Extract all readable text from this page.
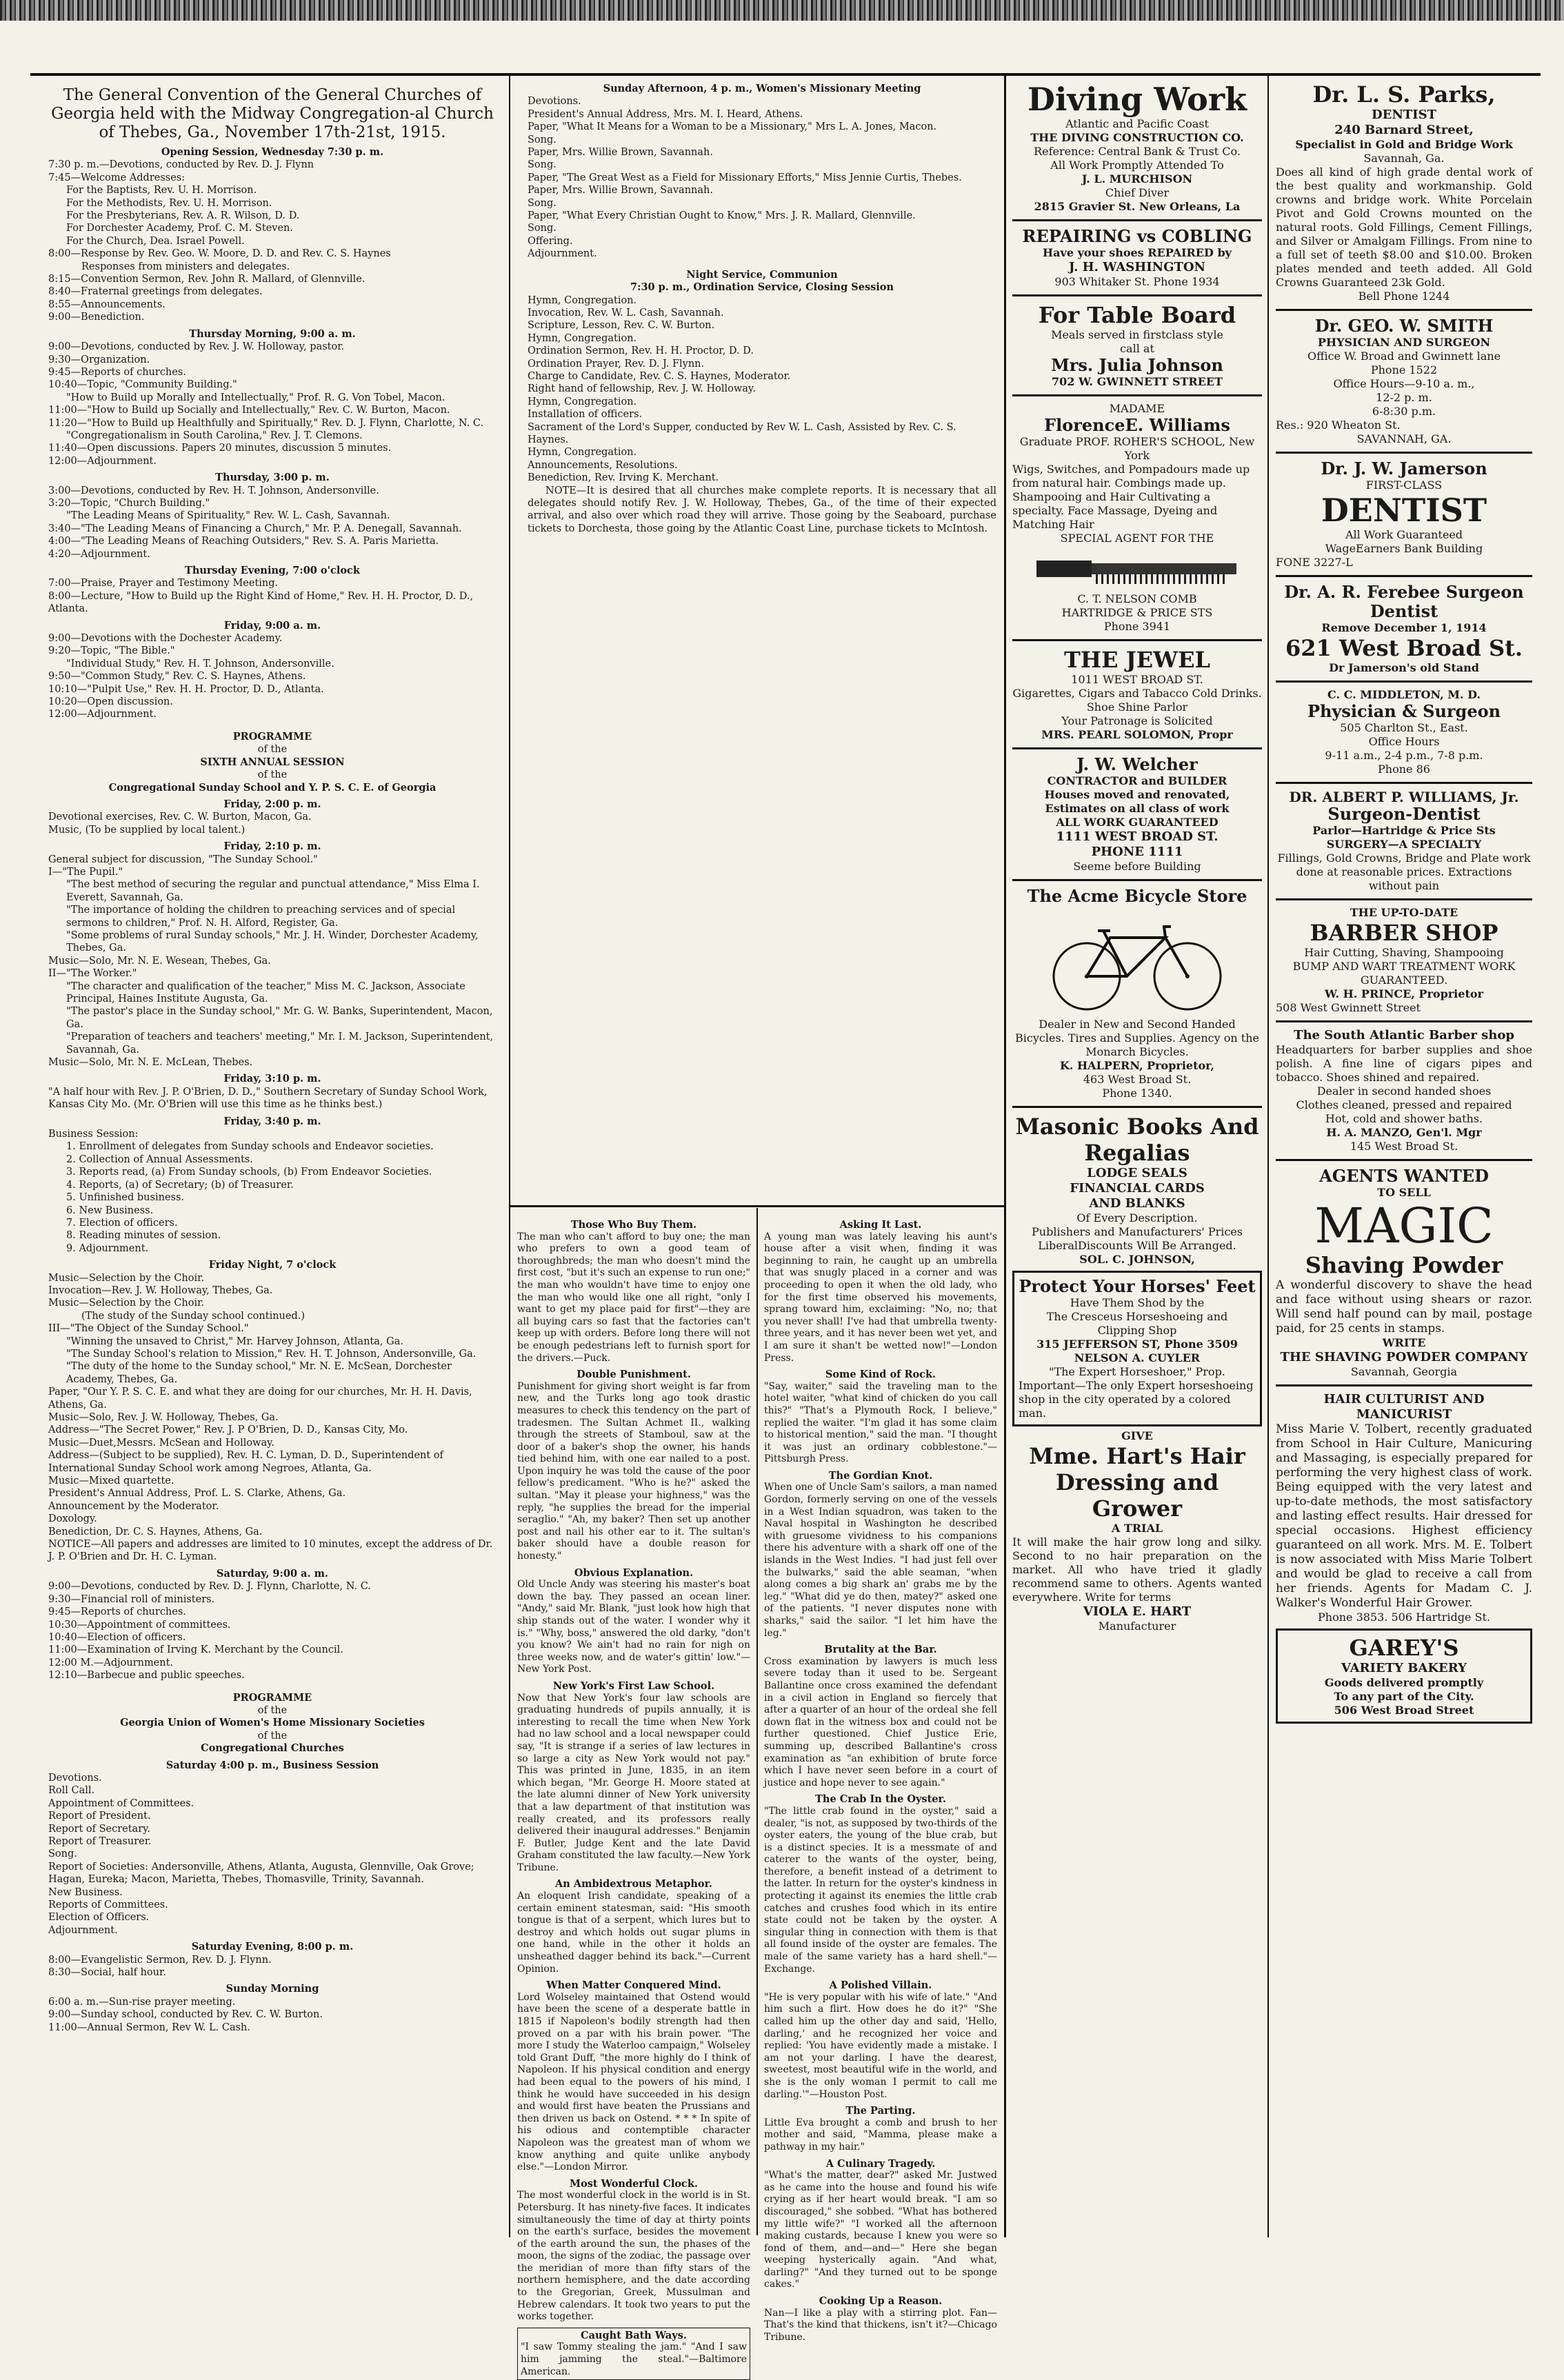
The General Convention of the General Churches of Georgia held with the Midway Congregation-al Church of Thebes, Ga., November 17th-21st, 1915.
Opening Session, Wednesday 7:30 p. m.

7:30 p. m.—Devotions, conducted by Rev. D. J. Flynn

7:45—Welcome Addresses:

For the Baptists, Rev. U. H. Morrison.

For the Methodists, Rev. U. H. Morrison.

For the Presbyterians, Rev. A. R. Wilson, D. D.

For Dorchester Academy, Prof. C. M. Steven.

For the Church, Dea. Israel Powell.

8:00—Response by Rev. Geo. W. Moore, D. D. and Rev. C. S. Haynes

Responses from ministers and delegates.

8:15—Convention Sermon, Rev. John R. Mallard, of Glennville.

8:40—Fraternal greetings from delegates.

8:55—Announcements.

9:00—Benediction.

Thursday Morning, 9:00 a. m.

9:00—Devotions, conducted by Rev. J. W. Holloway, pastor.

9:30—Organization.

9:45—Reports of churches.

10:40—Topic, "Community Building."

"How to Build up Morally and Intellectually," Prof. R. G. Von Tobel, Macon.

11:00—"How to Build up Socially and Intellectually," Rev. C. W. Burton, Macon.

11:20—"How to Build up Healthfully and Spiritually," Rev. D. J. Flynn, Charlotte, N. C.

"Congregationalism in South Carolina," Rev. J. T. Clemons.

11:40—Open discussions. Papers 20 minutes, discussion 5 minutes.

12:00—Adjournment.

Thursday, 3:00 p. m.

3:00—Devotions, conducted by Rev. H. T. Johnson, Andersonville.

3:20—Topic, "Church Building."

"The Leading Means of Spirituality," Rev. W. L. Cash, Savannah.

3:40—"The Leading Means of Financing a Church," Mr. P. A. Denegall, Savannah.

4:00—"The Leading Means of Reaching Outsiders," Rev. S. A. Paris Marietta.

4:20—Adjournment.

Thursday Evening, 7:00 o'clock

7:00—Praise, Prayer and Testimony Meeting.

8:00—Lecture, "How to Build up the Right Kind of Home," Rev. H. H. Proctor, D. D., Atlanta.

Friday, 9:00 a. m.

9:00—Devotions with the Dochester Academy.

9:20—Topic, "The Bible."

"Individual Study," Rev. H. T. Johnson, Andersonville.

9:50—"Common Study," Rev. C. S. Haynes, Athens.

10:10—"Pulpit Use," Rev. H. H. Proctor, D. D., Atlanta.

10:20—Open discussion.

12:00—Adjournment.

PROGRAMME
of the
SIXTH ANNUAL SESSION
of the
Congregational Sunday School and Y. P. S. C. E. of Georgia
Friday, 2:00 p. m.

Devotional exercises, Rev. C. W. Burton, Macon, Ga.

Music, (To be supplied by local talent.)

Friday, 2:10 p. m.

General subject for discussion, "The Sunday School."

I—"The Pupil."

"The best method of securing the regular and punctual attendance," Miss Elma I. Everett, Savannah, Ga.

"The importance of holding the children to preaching services and of special sermons to children," Prof. N. H. Alford, Register, Ga.

"Some problems of rural Sunday schools," Mr. J. H. Winder, Dorchester Academy, Thebes, Ga.

Music—Solo, Mr. N. E. Wesean, Thebes, Ga.

II—"The Worker."

"The character and qualification of the teacher," Miss M. C. Jackson, Associate Principal, Haines Institute Augusta, Ga.

"The pastor's place in the Sunday school," Mr. G. W. Banks, Superintendent, Macon, Ga.

"Preparation of teachers and teachers' meeting," Mr. I. M. Jackson, Superintendent, Savannah, Ga.

Music—Solo, Mr. N. E. McLean, Thebes.

Friday, 3:10 p. m.

"A half hour with Rev. J. P. O'Brien, D. D.," Southern Secretary of Sunday School Work, Kansas City Mo. (Mr. O'Brien will use this time as he thinks best.)

Friday, 3:40 p. m.

Business Session:

1. Enrollment of delegates from Sunday schools and Endeavor societies.

2. Collection of Annual Assessments.

3. Reports read, (a) From Sunday schools, (b) From Endeavor Societies.

4. Reports, (a) of Secretary; (b) of Treasurer.

5. Unfinished business.

6. New Business.

7. Election of officers.

8. Reading minutes of session.

9. Adjournment.

Friday Night, 7 o'clock

Music—Selection by the Choir.

Invocation—Rev. J. W. Holloway, Thebes, Ga.

Music—Selection by the Choir.

(The study of the Sunday school continued.)

III—"The Object of the Sunday School."

"Winning the unsaved to Christ," Mr. Harvey Johnson, Atlanta, Ga.

"The Sunday School's relation to Mission," Rev. H. T. Johnson, Andersonville, Ga.

"The duty of the home to the Sunday school," Mr. N. E. McSean, Dorchester Academy, Thebes, Ga.

Paper, "Our Y. P. S. C. E. and what they are doing for our churches, Mr. H. H. Davis, Athens, Ga.

Music—Solo, Rev. J. W. Holloway, Thebes, Ga.

Address—"The Secret Power," Rev. J. P O'Brien, D. D., Kansas City, Mo.

Music—Duet,Messrs. McSean and Holloway.

Address—(Subject to be supplied), Rev. H. C. Lyman, D. D., Superintendent of International Sunday School work among Negroes, Atlanta, Ga.

Music—Mixed quartette.

President's Annual Address, Prof. L. S. Clarke, Athens, Ga.

Announcement by the Moderator.

Doxology.

Benediction, Dr. C. S. Haynes, Athens, Ga.

NOTICE—All papers and addresses are limited to 10 minutes, except the address of Dr. J. P. O'Brien and Dr. H. C. Lyman.

Saturday, 9:00 a. m.

9:00—Devotions, conducted by Rev. D. J. Flynn, Charlotte, N. C.

9:30—Financial roll of ministers.

9:45—Reports of churches.

10:30—Appointment of committees.

10:40—Election of officers.

11:00—Examination of Irving K. Merchant by the Council.

12:00 M.—Adjournment.

12:10—Barbecue and public speeches.

PROGRAMME
of the
Georgia Union of Women's Home Missionary Societies
of the
Congregational Churches
Saturday 4:00 p. m., Business Session

Devotions.

Roll Call.

Appointment of Committees.

Report of President.

Report of Secretary.

Report of Treasurer.

Song.

Report of Societies: Andersonville, Athens, Atlanta, Augusta, Glennville, Oak Grove; Hagan, Eureka; Macon, Marietta, Thebes, Thomasville, Trinity, Savannah.

New Business.

Reports of Committees.

Election of Officers.

Adjournment.

Saturday Evening, 8:00 p. m.

8:00—Evangelistic Sermon, Rev. D. J. Flynn.

8:30—Social, half hour.

Sunday Morning

6:00 a. m.—Sun-rise prayer meeting.

9:00—Sunday school, conducted by Rev. C. W. Burton.

11:00—Annual Sermon, Rev W. L. Cash.

Sunday Afternoon, 4 p. m., Women's Missionary Meeting

Devotions.

President's Annual Address, Mrs. M. I. Heard, Athens.

Paper, "What It Means for a Woman to be a Missionary," Mrs L. A. Jones, Macon.

Song.

Paper, Mrs. Willie Brown, Savannah.

Song.

Paper, "The Great West as a Field for Missionary Efforts," Miss Jennie Curtis, Thebes.

Paper, Mrs. Willie Brown, Savannah.

Song.

Paper, "What Every Christian Ought to Know," Mrs. J. R. Mallard, Glennville.

Song.

Offering.

Adjournment.

Night Service, Communion
7:30 p. m., Ordination Service, Closing Session

Hymn, Congregation.

Invocation, Rev. W. L. Cash, Savannah.

Scripture, Lesson, Rev. C. W. Burton.

Hymn, Congregation.

Ordination Sermon, Rev. H. H. Proctor, D. D.

Ordination Prayer, Rev. D. J. Flynn.

Charge to Candidate, Rev. C. S. Haynes, Moderator.

Right hand of fellowship, Rev. J. W. Holloway.

Hymn, Congregation.

Installation of officers.

Sacrament of the Lord's Supper, conducted by Rev W. L. Cash, Assisted by Rev. C. S. Haynes.

Hymn, Congregation.

Announcements, Resolutions.

Benediction, Rev. Irving K. Merchant.

NOTE—It is desired that all churches make complete reports. It is necessary that all delegates should notify Rev. J. W. Holloway, Thebes, Ga., of the time of their expected arrival, and also over which road they will arrive. Those going by the Seaboard, purchase tickets to Dorchesta, those going by the Atlantic Coast Line, purchase tickets to McIntosh.

Those Who Buy Them.

The man who can't afford to buy one; the man who prefers to own a good team of thoroughbreds; the man who doesn't mind the first cost, "but it's such an expense to run one;" the man who wouldn't have time to enjoy one the man who would like one all right, "only I want to get my place paid for first"—they are all buying cars so fast that the factories can't keep up with orders. Before long there will not be enough pedestrians left to furnish sport for the drivers.—Puck.

Double Punishment.

Punishment for giving short weight is far from new, and the Turks long ago took drastic measures to check this tendency on the part of tradesmen. The Sultan Achmet II., walking through the streets of Stamboul, saw at the door of a baker's shop the owner, his hands tied behind him, with one ear nailed to a post. Upon inquiry he was told the cause of the poor fellow's predicament. "Who is he?" asked the sultan. "May it please your highness," was the reply, "he supplies the bread for the imperial seraglio." "Ah, my baker? Then set up another post and nail his other ear to it. The sultan's baker should have a double reason for honesty."

Obvious Explanation.

Old Uncle Andy was steering his master's boat down the bay. They passed an ocean liner. "Andy," said Mr. Blank, "just look how high that ship stands out of the water. I wonder why it is." "Why, boss," answered the old darky, "don't you know? We ain't had no rain for nigh on three weeks now, and de water's gittin' low."—New York Post.

New York's First Law School.

Now that New York's four law schools are graduating hundreds of pupils annually, it is interesting to recall the time when New York had no law school and a local newspaper could say, "It is strange if a series of law lectures in so large a city as New York would not pay." This was printed in June, 1835, in an item which began, "Mr. George H. Moore stated at the late alumni dinner of New York university that a law department of that institution was really created, and its professors really delivered their inaugural addresses." Benjamin F. Butler, Judge Kent and the late David Graham constituted the law faculty.—New York Tribune.

An Ambidextrous Metaphor.

An eloquent Irish candidate, speaking of a certain eminent statesman, said: "His smooth tongue is that of a serpent, which lures but to destroy and which holds out sugar plums in one hand, while in the other it holds an unsheathed dagger behind its back."—Current Opinion.

When Matter Conquered Mind.

Lord Wolseley maintained that Ostend would have been the scene of a desperate battle in 1815 if Napoleon's bodily strength had then proved on a par with his brain power. "The more I study the Waterloo campaign," Wolseley told Grant Duff, "the more highly do I think of Napoleon. If his physical condition and energy had been equal to the powers of his mind, I think he would have succeeded in his design and would first have beaten the Prussians and then driven us back on Ostend. * * * In spite of his odious and contemptible character Napoleon was the greatest man of whom we know anything and quite unlike anybody else."—London Mirror.

Most Wonderful Clock.

The most wonderful clock in the world is in St. Petersburg. It has ninety-five faces. It indicates simultaneously the time of day at thirty points on the earth's surface, besides the movement of the earth around the sun, the phases of the moon, the signs of the zodiac, the passage over the meridian of more than fifty stars of the northern hemisphere, and the date according to the Gregorian, Greek, Mussulman and Hebrew calendars. It took two years to put the works together.

Caught Bath Ways.

"I saw Tommy stealing the jam." "And I saw him jamming the steal."—Baltimore American.

Asking It Last.

A young man was lately leaving his aunt's house after a visit when, finding it was beginning to rain, he caught up an umbrella that was snugly placed in a corner and was proceeding to open it when the old lady, who for the first time observed his movements, sprang toward him, exclaiming: "No, no; that you never shall! I've had that umbrella twenty-three years, and it has never been wet yet, and I am sure it shan't be wetted now!"—London Press.

Some Kind of Rock.

"Say, waiter," said the traveling man to the hotel waiter, "what kind of chicken do you call this?" "That's a Plymouth Rock, I believe," replied the waiter. "I'm glad it has some claim to historical mention," said the man. "I thought it was just an ordinary cobblestone."—Pittsburgh Press.

The Gordian Knot.

When one of Uncle Sam's sailors, a man named Gordon, formerly serving on one of the vessels in a West Indian squadron, was taken to the Naval hospital in Washington he described with gruesome vividness to his companions there his adventure with a shark off one of the islands in the West Indies. "I had just fell over the bulwarks," said the able seaman, "when along comes a big shark an' grabs me by the leg." "What did ye do then, matey?" asked one of the patients. "I never disputes none with sharks," said the sailor. "I let him have the leg."

Brutality at the Bar.

Cross examination by lawyers is much less severe today than it used to be. Sergeant Ballantine once cross examined the defendant in a civil action in England so fiercely that after a quarter of an hour of the ordeal she fell down flat in the witness box and could not be further questioned. Chief Justice Erie, summing up, described Ballantine's cross examination as "an exhibition of brute force which I have never seen before in a court of justice and hope never to see again."

The Crab In the Oyster.

"The little crab found in the oyster," said a dealer, "is not, as supposed by two-thirds of the oyster eaters, the young of the blue crab, but is a distinct species. It is a messmate of and caterer to the wants of the oyster, being, therefore, a benefit instead of a detriment to the latter. In return for the oyster's kindness in protecting it against its enemies the little crab catches and crushes food which in its entire state could not be taken by the oyster. A singular thing in connection with them is that all found inside of the oyster are females. The male of the same variety has a hard shell."—Exchange.

A Polished Villain.

"He is very popular with his wife of late." "And him such a flirt. How does he do it?" "She called him up the other day and said, 'Hello, darling,' and he recognized her voice and replied: 'You have evidently made a mistake. I am not your darling. I have the dearest, sweetest, most beautiful wife in the world, and she is the only woman I permit to call me darling.'"—Houston Post.

The Parting.

Little Eva brought a comb and brush to her mother and said, "Mamma, please make a pathway in my hair."

A Culinary Tragedy.

"What's the matter, dear?" asked Mr. Justwed as he came into the house and found his wife crying as if her heart would break. "I am so discouraged," she sobbed. "What has bothered my little wife?" "I worked all the afternoon making custards, because I knew you were so fond of them, and—and—" Here she began weeping hysterically again. "And what, darling?" "And they turned out to be sponge cakes."

Cooking Up a Reason.

Nan—I like a play with a stirring plot. Fan—That's the kind that thickens, isn't it?—Chicago Tribune.

Diving Work
Atlantic and Pacific Coast
THE DIVING CONSTRUCTION CO.
Reference: Central Bank & Trust Co.
All Work Promptly Attended To
J. L. MURCHISON
Chief Diver
2815 Gravier St. New Orleans, La
REPAIRING vs COBLING
Have your shoes REPAIRED by
J. H. WASHINGTON
903 Whitaker St. Phone 1934
For Table Board
Meals served in firstclass style
call at
Mrs. Julia Johnson
702 W. GWINNETT STREET
MADAME
FlorenceE. Williams
Graduate PROF. ROHER'S SCHOOL, New York
Wigs, Switches, and Pompadours made up from natural hair. Combings made up. Shampooing and Hair Cultivating a specialty. Face Massage, Dyeing and Matching Hair
SPECIAL AGENT FOR THE
C. T. NELSON COMB
HARTRIDGE & PRICE STS
Phone 3941
THE JEWEL
1011 WEST BROAD ST.
Gigarettes, Cigars and Tabacco Cold Drinks. Shoe Shine Parlor
Your Patronage is Solicited
MRS. PEARL SOLOMON, Propr
J. W. Welcher
CONTRACTOR and BUILDER
Houses moved and renovated,
Estimates on all class of work
ALL WORK GUARANTEED
1111 WEST BROAD ST.
PHONE 1111
Seeme before Building
The Acme Bicycle Store
Dealer in New and Second Handed Bicycles. Tires and Supplies. Agency on the Monarch Bicycles.
K. HALPERN, Proprietor,
463 West Broad St.
Phone 1340.
Masonic Books And Regalias
LODGE SEALS
FINANCIAL CARDS
AND BLANKS
Of Every Description.
Publishers and Manufacturers' Prices
LiberalDiscounts Will Be Arranged.
SOL. C. JOHNSON,
Protect Your Horses' Feet
Have Them Shod by the
The Cresceus Horseshoeing and
Clipping Shop
315 JEFFERSON ST, Phone 3509
NELSON A. CUYLER
"The Expert Horseshoer," Prop.
Important—The only Expert horseshoeing shop in the city operated by a colored man.
GIVE
Mme. Hart's Hair Dressing and Grower
A TRIAL
It will make the hair grow long and silky. Second to no hair preparation on the market. All who have tried it gladly recommend same to others. Agents wanted everywhere. Write for terms
VIOLA E. HART
Manufacturer
Dr. L. S. Parks,
DENTIST
240 Barnard Street,
Specialist in Gold and Bridge Work
Savannah, Ga.
Does all kind of high grade dental work of the best quality and workmanship. Gold crowns and bridge work. White Porcelain Pivot and Gold Crowns mounted on the natural roots. Gold Fillings, Cement Fillings, and Silver or Amalgam Fillings. From nine to a full set of teeth $8.00 and $10.00. Broken plates mended and teeth added. All Gold Crowns Guaranteed 23k Gold.
Bell Phone 1244
Dr. GEO. W. SMITH
PHYSICIAN AND SURGEON
Office W. Broad and Gwinnett lane
Phone 1522
Office Hours—9-10 a. m.,
12-2 p. m.
6-8:30 p.m.
Res.: 920 Wheaton St.
SAVANNAH, GA.
Dr. J. W. Jamerson
FIRST-CLASS
DENTIST
All Work Guaranteed
WageEarners Bank Building
FONE 3227-L
Dr. A. R. Ferebee Surgeon Dentist
Remove December 1, 1914
621 West Broad St.
Dr Jamerson's old Stand
C. C. MIDDLETON, M. D.
Physician & Surgeon
505 Charlton St., East.
Office Hours
9-11 a.m., 2-4 p.m., 7-8 p.m.
Phone 86
DR. ALBERT P. WILLIAMS, Jr.
Surgeon-Dentist
Parlor—Hartridge & Price Sts
SURGERY—A SPECIALTY
Fillings, Gold Crowns, Bridge and Plate work done at reasonable prices. Extractions without pain
THE UP-TO-DATE
BARBER SHOP
Hair Cutting, Shaving, Shampooing
BUMP AND WART TREATMENT WORK GUARANTEED.
W. H. PRINCE, Proprietor
508 West Gwinnett Street
The South Atlantic Barber shop
Headquarters for barber supplies and shoe polish. A fine line of cigars pipes and tobacco. Shoes shined and repaired.
Dealer in second handed shoes
Clothes cleaned, pressed and repaired
Hot, cold and shower baths.
H. A. MANZO, Gen'l. Mgr
145 West Broad St.
AGENTS WANTED
TO SELL
MAGIC
Shaving Powder
A wonderful discovery to shave the head and face without using shears or razor. Will send half pound can by mail, postage paid, for 25 cents in stamps.
WRITE
THE SHAVING POWDER COMPANY
Savannah, Georgia
HAIR CULTURIST AND MANICURIST
Miss Marie V. Tolbert, recently graduated from School in Hair Culture, Manicuring and Massaging, is especially prepared for performing the very highest class of work. Being equipped with the very latest and up-to-date methods, the most satisfactory and lasting effect results. Hair dressed for special occasions. Highest efficiency guaranteed on all work. Mrs. M. E. Tolbert is now associated with Miss Marie Tolbert and would be glad to receive a call from her friends. Agents for Madam C. J. Walker's Wonderful Hair Grower.
Phone 3853. 506 Hartridge St.
GAREY'S
VARIETY BAKERY
Goods delivered promptly
To any part of the City.
506 West Broad Street
